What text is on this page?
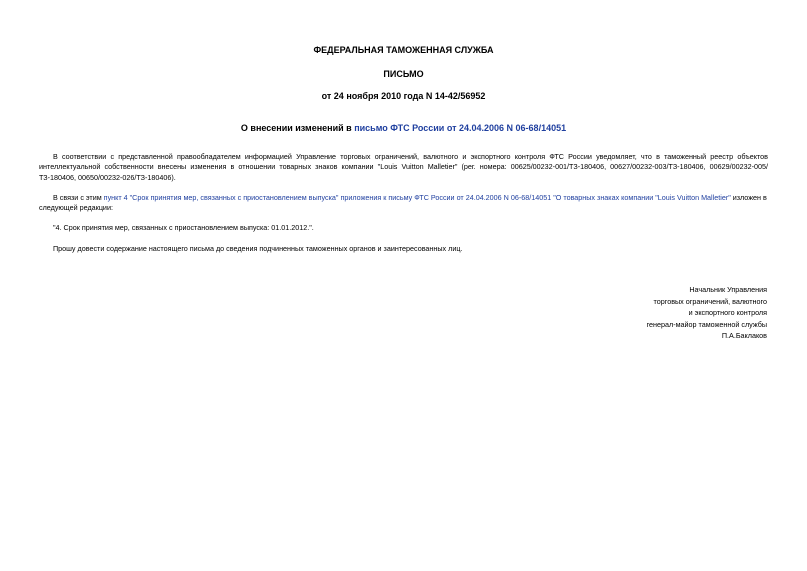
ФЕДЕРАЛЬНАЯ ТАМОЖЕННАЯ СЛУЖБА
ПИСЬМО
от 24 ноября 2010 года N 14-42/56952
О внесении изменений в письмо ФТС России от 24.04.2006 N 06-68/14051
В соответствии с представленной правообладателем информацией Управление торговых ограничений, валютного и экспортного контроля ФТС России уведомляет, что в таможенный реестр объектов интеллектуальной собственности внесены изменения в отношении товарных знаков компании "Louis Vuitton Malletier" (рег. номера: 00625/00232-001/ТЗ-180406, 00627/00232-003/ТЗ-180406, 00629/00232-005/ТЗ-180406, 00650/00232-026/ТЗ-180406).
В связи с этим пункт 4 "Срок принятия мер, связанных с приостановлением выпуска" приложения к письму ФТС России от 24.04.2006 N 06-68/14051 "О товарных знаках компании "Louis Vuitton Malletier" изложен в следующей редакции:
"4. Срок принятия мер, связанных с приостановлением выпуска: 01.01.2012.".
Прошу довести содержание настоящего письма до сведения подчиненных таможенных органов и заинтересованных лиц.
Начальник Управления
торговых ограничений, валютного
и экспортного контроля
генерал-майор таможенной службы
П.А.Баклаков
